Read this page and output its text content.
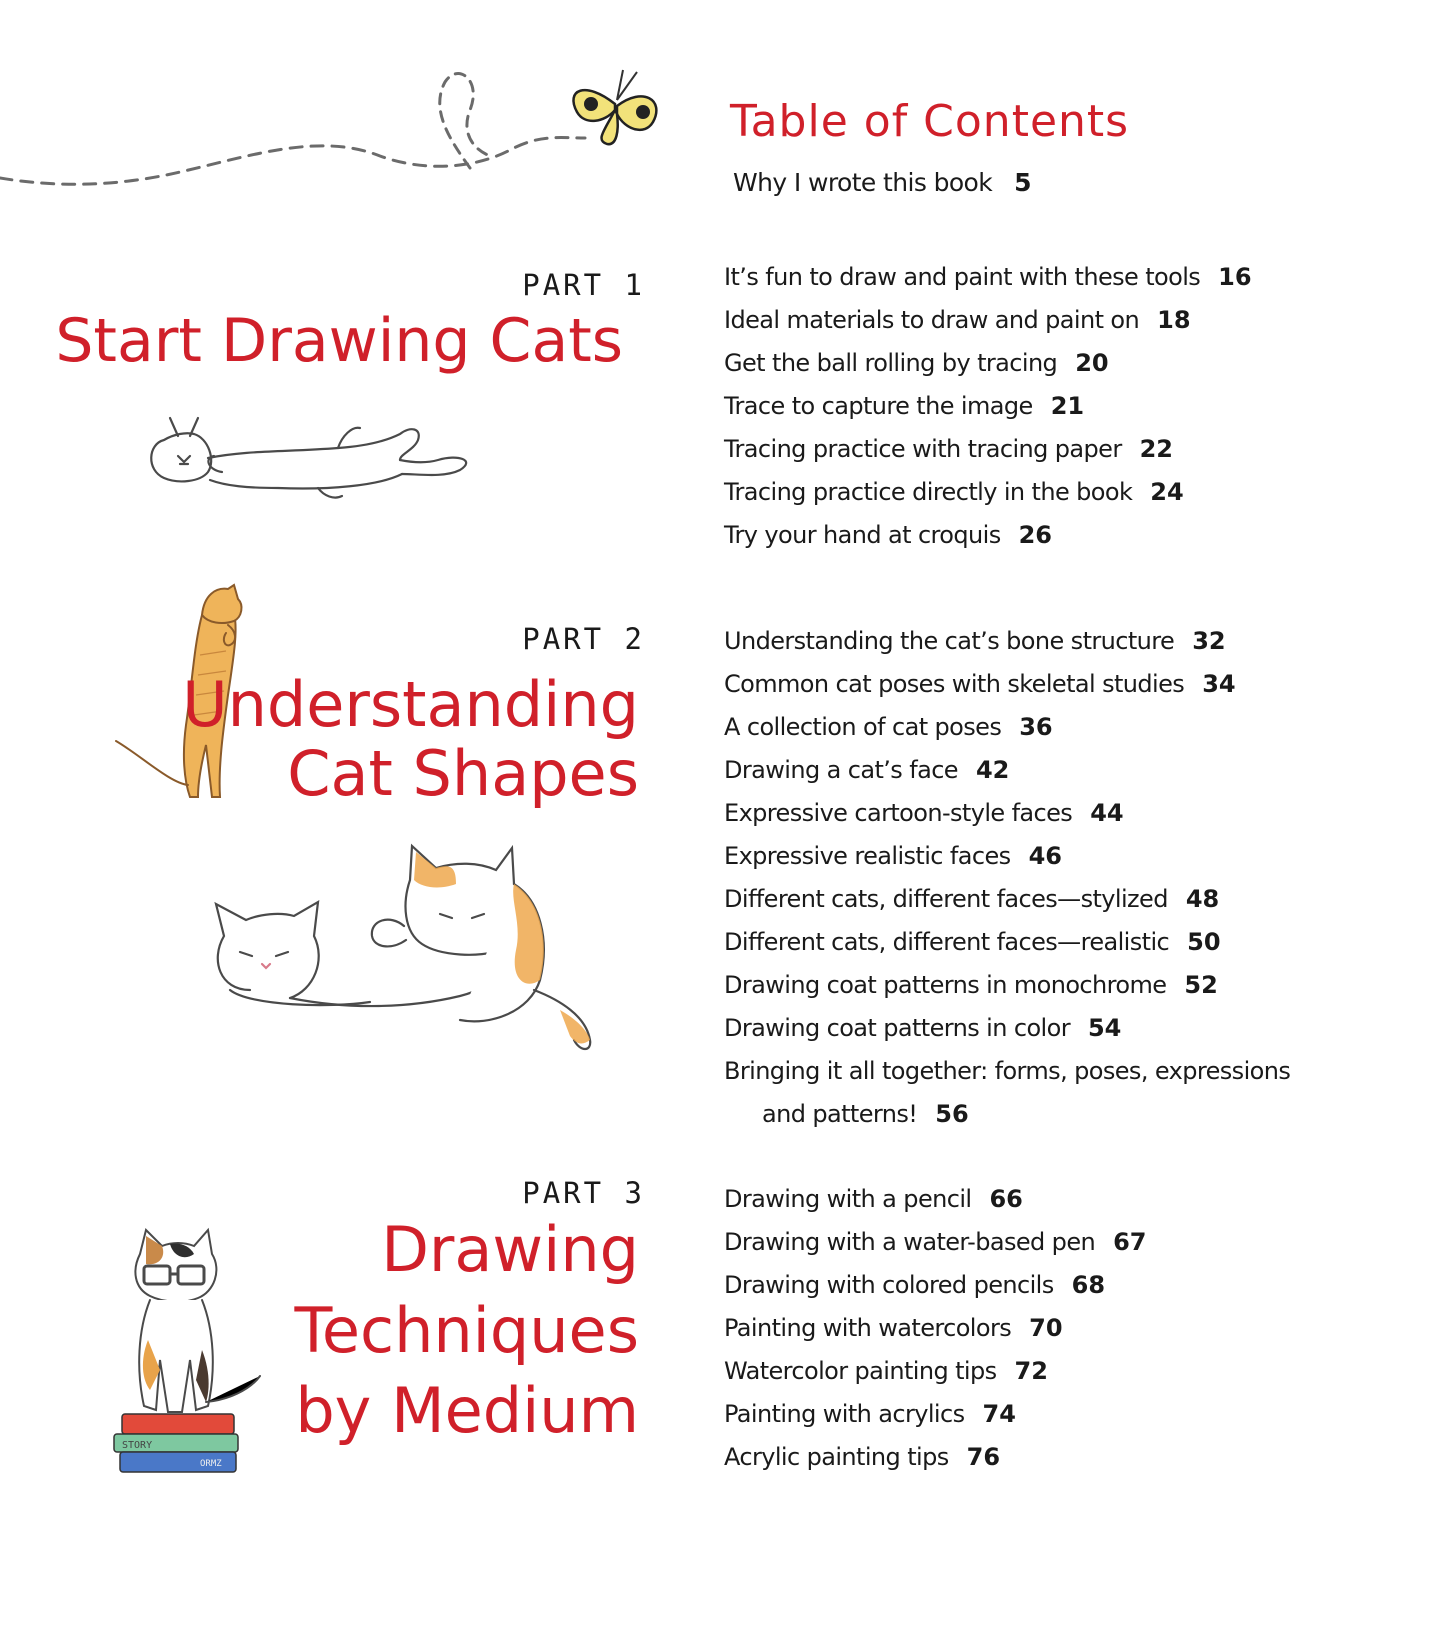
Table of Contents
Why I wrote this book 5
PART 1
Start Drawing Cats
It’s fun to draw and paint with these tools 16
Ideal materials to draw and paint on 18
Get the ball rolling by tracing 20
Trace to capture the image 21
Tracing practice with tracing paper 22
Tracing practice directly in the book 24
Try your hand at croquis 26
PART 2
Understanding
Cat Shapes
Understanding the cat’s bone structure 32
Common cat poses with skeletal studies 34
A collection of cat poses 36
Drawing a cat’s face 42
Expressive cartoon-style faces 44
Expressive realistic faces 46
Different cats, different faces—stylized 48
Different cats, different faces—realistic 50
Drawing coat patterns in monochrome 52
Drawing coat patterns in color 54
Bringing it all together: forms, poses, expressions
and patterns! 56
STORY
ORMZ
PART 3
Drawing
Techniques
by Medium
Drawing with a pencil 66
Drawing with a water-based pen 67
Drawing with colored pencils 68
Painting with watercolors 70
Watercolor painting tips 72
Painting with acrylics 74
Acrylic painting tips 76
